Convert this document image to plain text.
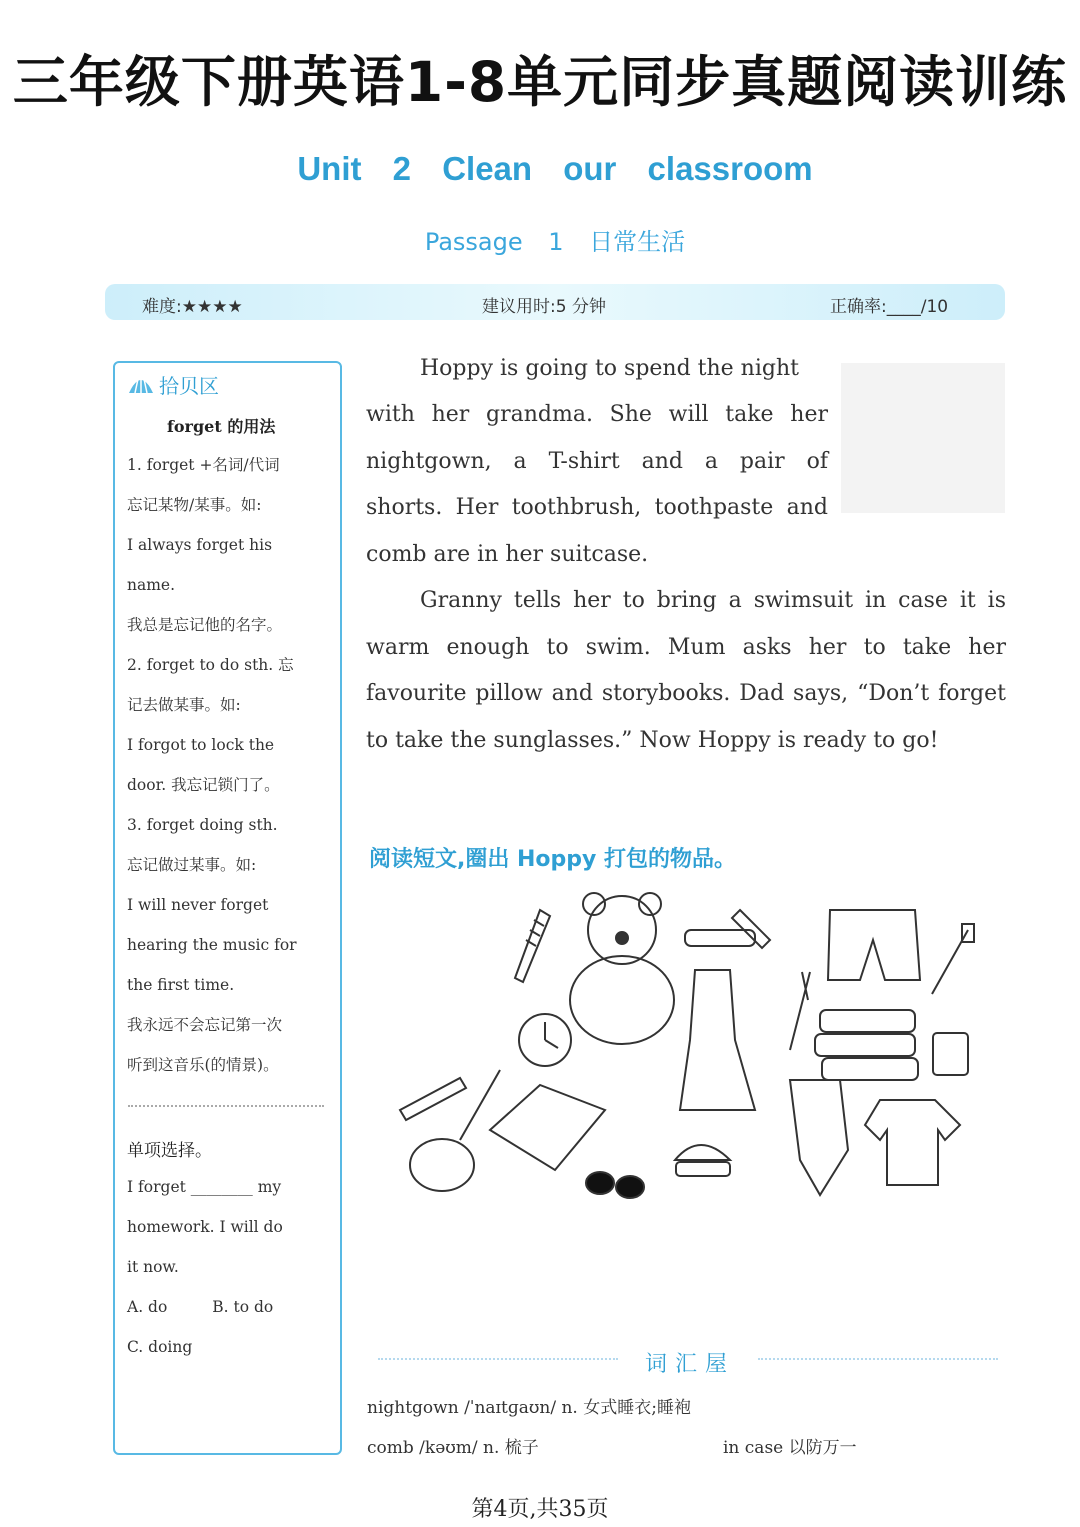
三年级下册英语1-8单元同步真题阅读训练
Unit 2 Clean our classroom
Passage 1 日常生活
难度:★★★★	建议用时:5 分钟	正确率:____/10
拾贝区
forget 的用法
1. forget +名词/代词
忘记某物/某事。如:
I always forget his
name.
我总是忘记他的名字。
2. forget to do sth. 忘
记去做某事。如:
I forgot to lock the
door. 我忘记锁门了。
3. forget doing sth.
忘记做过某事。如:
I will never forget
hearing the music for
the first time.
我永远不会忘记第一次
听到这音乐(的情景)。
单项选择。
I forget ________ my
homework. I will do
it now.
A. do	B. to do
C. doing
Hoppy is going to spend the night
with her grandma. She will take her
nightgown, a T-shirt and a pair of
shorts. Her toothbrush, toothpaste and
comb are in her suitcase.
Granny tells her to bring a swimsuit in case it is warm enough to swim. Mum asks her to take her favourite pillow and storybooks. Dad says, “Don’t forget to take the sunglasses.” Now Hoppy is ready to go!
阅读短文,圈出 Hoppy 打包的物品。
词汇屋
nightgown /ˈnaɪtɡaʊn/ n. 女式睡衣;睡袍
comb /kəʊm/ n. 梳子	in case 以防万一
第4页,共35页
